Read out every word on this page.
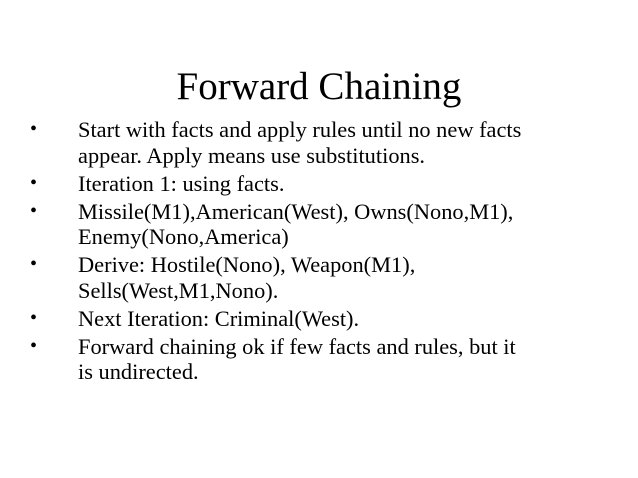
Forward Chaining
•	Start with facts and apply rules until no new facts
appear. Apply means use substitutions.
•	Iteration 1: using facts.
•	Missile(M1),American(West), Owns(Nono,M1),
Enemy(Nono,America)
•	Derive: Hostile(Nono), Weapon(M1),
Sells(West,M1,Nono).
•	Next Iteration: Criminal(West).
•	Forward chaining ok if few facts and rules, but it
is undirected.
